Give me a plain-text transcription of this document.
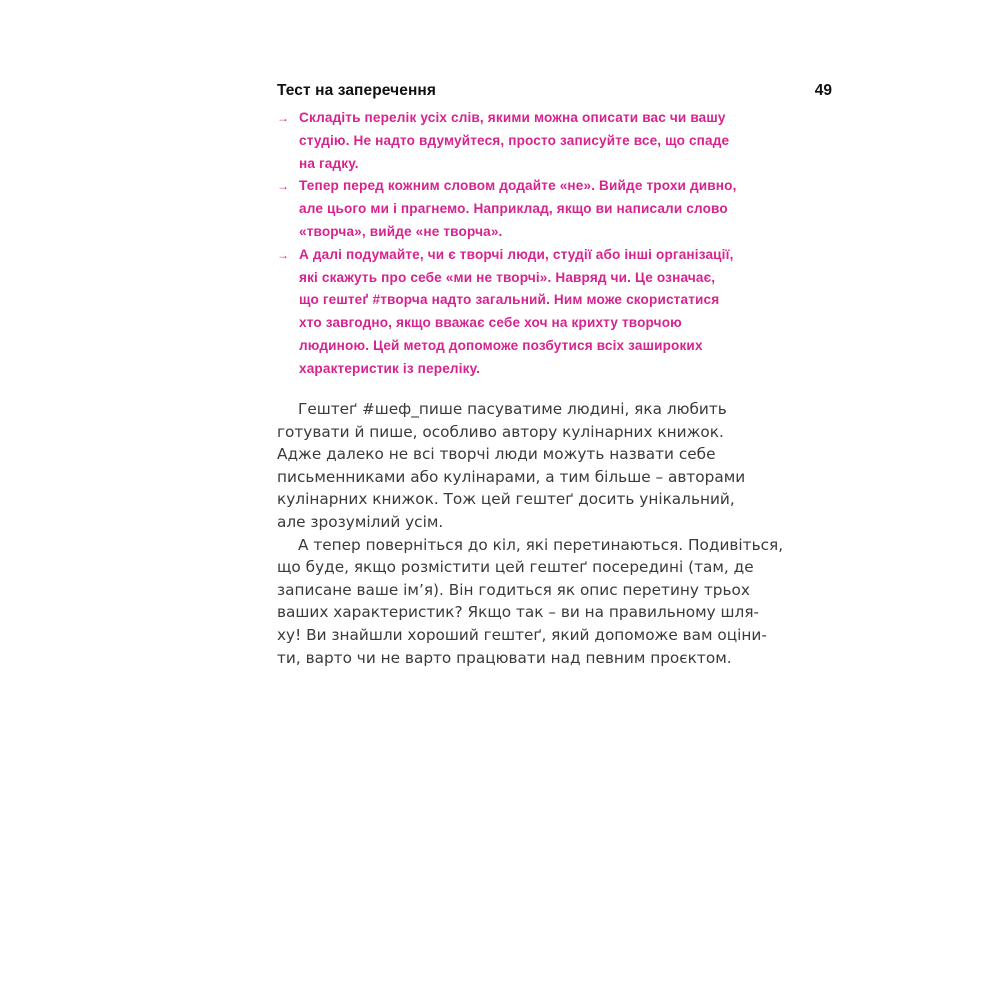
Тест на заперечення	49
→ Складіть перелік усіх слів, якими можна описати вас чи вашу
студію. Не надто вдумуйтеся, просто записуйте все, що спаде
на гадку.
→ Тепер перед кожним словом додайте «не». Вийде трохи дивно,
але цього ми і прагнемо. Наприклад, якщо ви написали слово
«творча», вийде «не творча».
→ А далі подумайте, чи є творчі люди, студії або інші організації,
які скажуть про себе «ми не творчі». Навряд чи. Це означає,
що гештеґ #творча надто загальний. Ним може скористатися
хто завгодно, якщо вважає себе хоч на крихту творчою
людиною. Цей метод допоможе позбутися всіх заширoких
характеристик із переліку.
Гештеґ #шеф_пише пасуватиме людині, яка любить
готувати й пише, особливо автору кулінарних книжок.
Адже далеко не всі творчі люди можуть назвати себе
письменниками або кулінарами, а тим більше – авторами
кулінарних книжок. Тож цей гештеґ досить унікальний,
але зрозумілий усім.
А тепер поверніться до кіл, які перетинаються. Подивіться,
що буде, якщо розмістити цей гештеґ посередині (там, де
записане ваше ім’я). Він годиться як опис перетину трьох
ваших характеристик? Якщо так – ви на правильному шля-
ху! Ви знайшли хороший гештеґ, який допоможе вам оціни-
ти, варто чи не варто працювати над певним проєктом.
